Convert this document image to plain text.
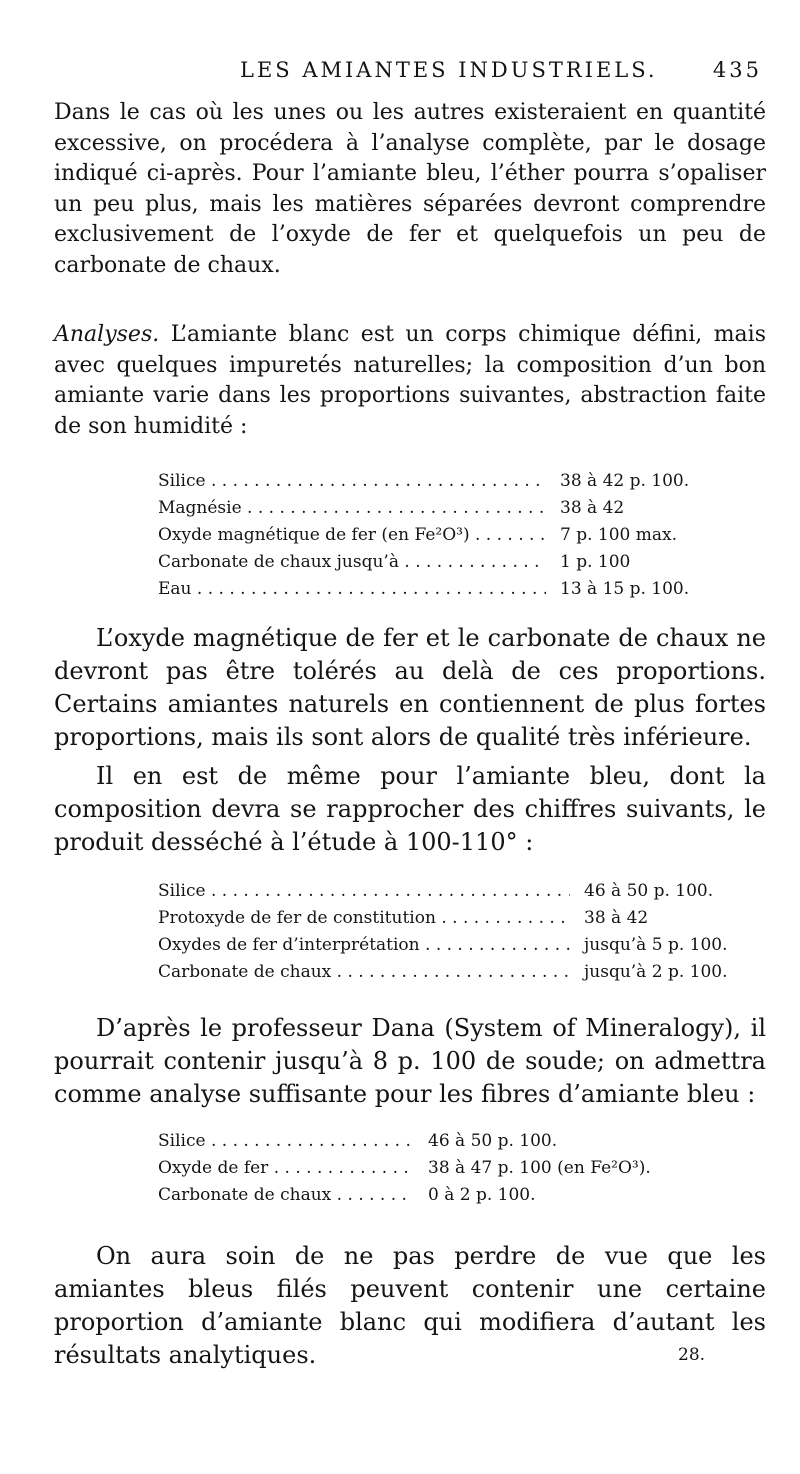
LES AMIANTES INDUSTRIELS.	435

Dans le cas où les unes ou les autres existeraient en quantité excessive, on procédera à l’analyse complète, par le dosage indiqué ci-après. Pour l’amiante bleu, l’éther pourra s’opaliser un peu plus, mais les matières séparées devront comprendre exclusivement de l’oxyde de fer et quelquefois un peu de carbonate de chaux.

Analyses. L’amiante blanc est un corps chimique défini, mais avec quelques impuretés naturelles; la composition d’un bon amiante varie dans les proportions suivantes, abstraction faite de son humidité :

Silice . . .	38 à 42 p. 100.
Magnésie . . .	38 à 42
Oxyde magnétique de fer (en Fe²O³) . . .	7 p. 100 max.
Carbonate de chaux jusqu’à . . .	1 p. 100
Eau . . .	13 à 15 p. 100.

L’oxyde magnétique de fer et le carbonate de chaux ne devront pas être tolérés au delà de ces proportions. Certains amiantes naturels en contiennent de plus fortes proportions, mais ils sont alors de qualité très inférieure.

Il en est de même pour l’amiante bleu, dont la composition devra se rapprocher des chiffres suivants, le produit desséché à l’étude à 100-110° :

Silice . . .	46 à 50 p. 100.
Protoxyde de fer de constitution . . .	38 à 42
Oxydes de fer d’interprétation . . .	jusqu’à 5 p. 100.
Carbonate de chaux . . .	jusqu’à 2 p. 100.

D’après le professeur Dana (System of Mineralogy), il pourrait contenir jusqu’à 8 p. 100 de soude; on admettra comme analyse suffisante pour les fibres d’amiante bleu :

Silice . . .	46 à 50 p. 100.
Oxyde de fer . . .	38 à 47 p. 100 (en Fe²O³).
Carbonate de chaux . . .	0 à 2 p. 100.

On aura soin de ne pas perdre de vue que les amiantes bleus filés peuvent contenir une certaine proportion d’amiante blanc qui modifiera d’autant les résultats analytiques.	28.
